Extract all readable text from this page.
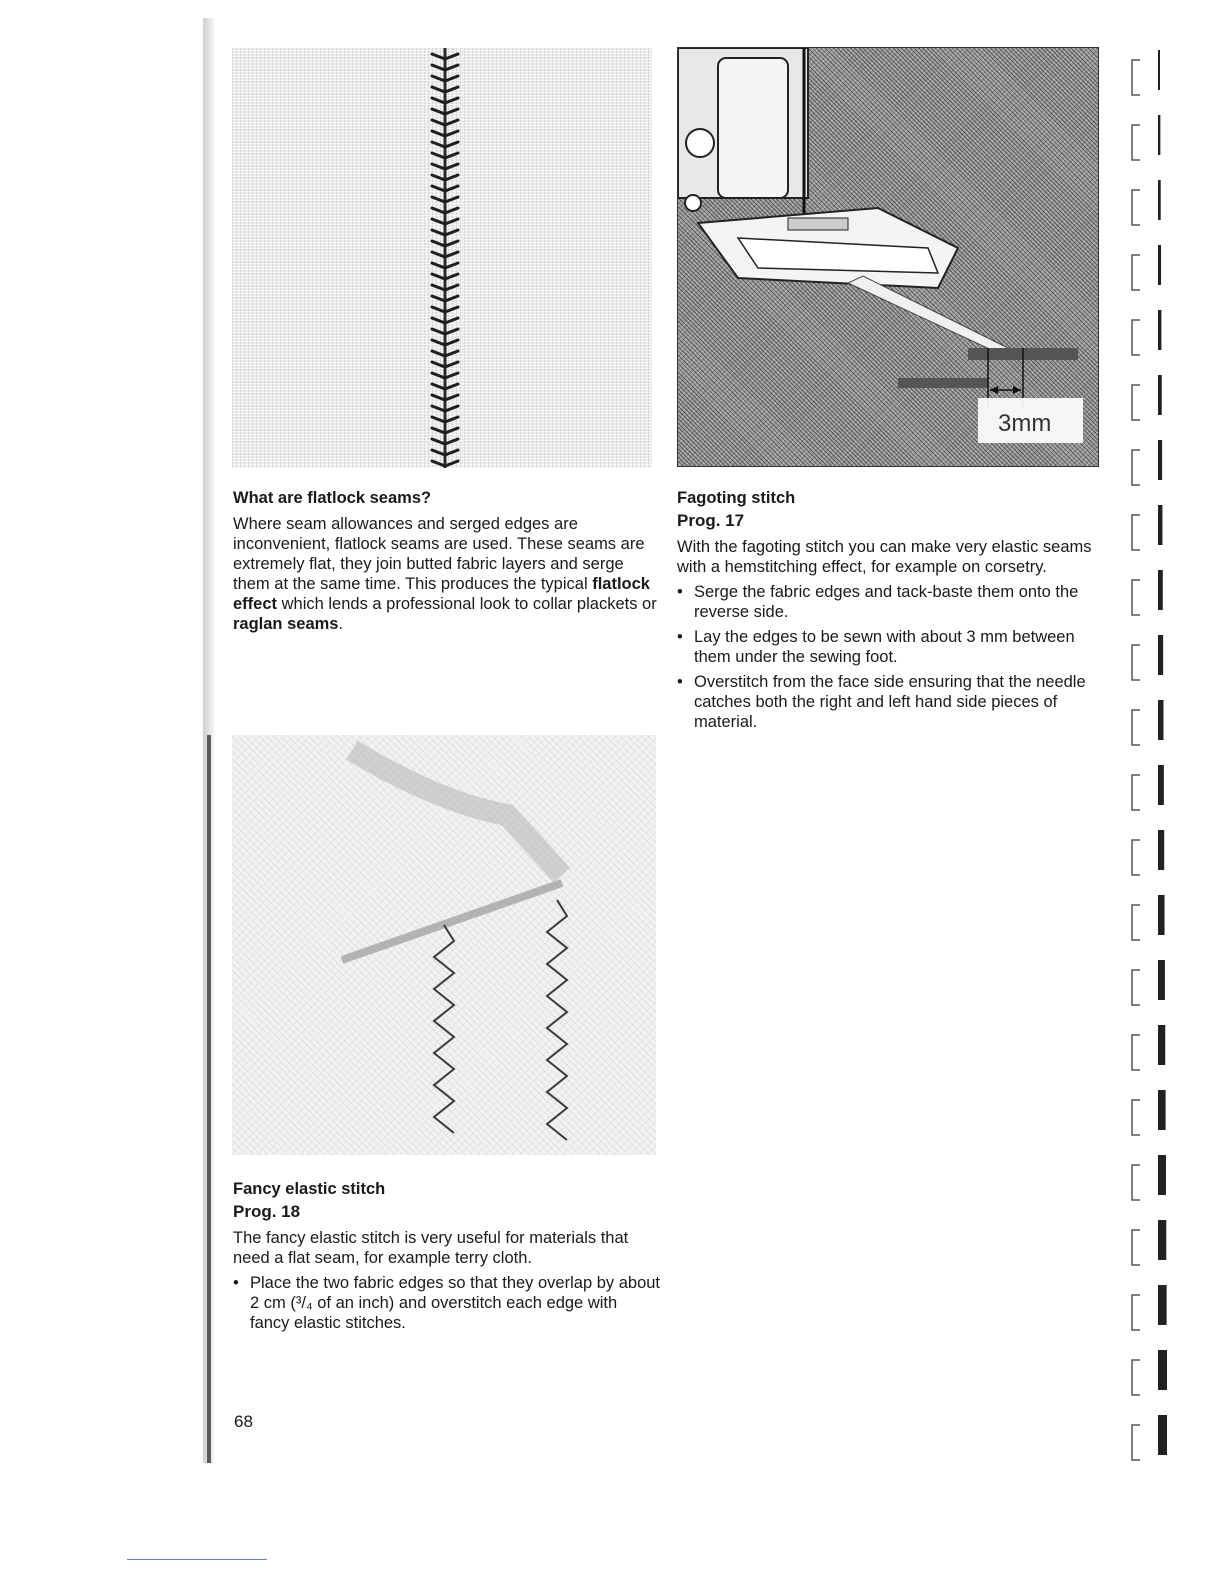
3mm
What are flatlock seams?

Where seam allowances and serged edges are inconvenient, flatlock seams are used. These seams are extremely flat, they join butted fabric layers and serge them at the same time. This produces the typical flatlock effect which lends a professional look to collar plackets or raglan seams.

Fancy elastic stitch
Prog. 18

The fancy elastic stitch is very useful for materials that need a flat seam, for example terry cloth.

• Place the two fabric edges so that they overlap by about 2 cm (³/₄ of an inch) and overstitch each edge with fancy elastic stitches.
Fagoting stitch
Prog. 17

With the fagoting stitch you can make very elastic seams with a hemstitching effect, for example on corsetry.

• Serge the fabric edges and tack-baste them onto the reverse side.
• Lay the edges to be sewn with about 3 mm between them under the sewing foot.
• Overstitch from the face side ensuring that the needle catches both the right and left hand side pieces of material.
68
